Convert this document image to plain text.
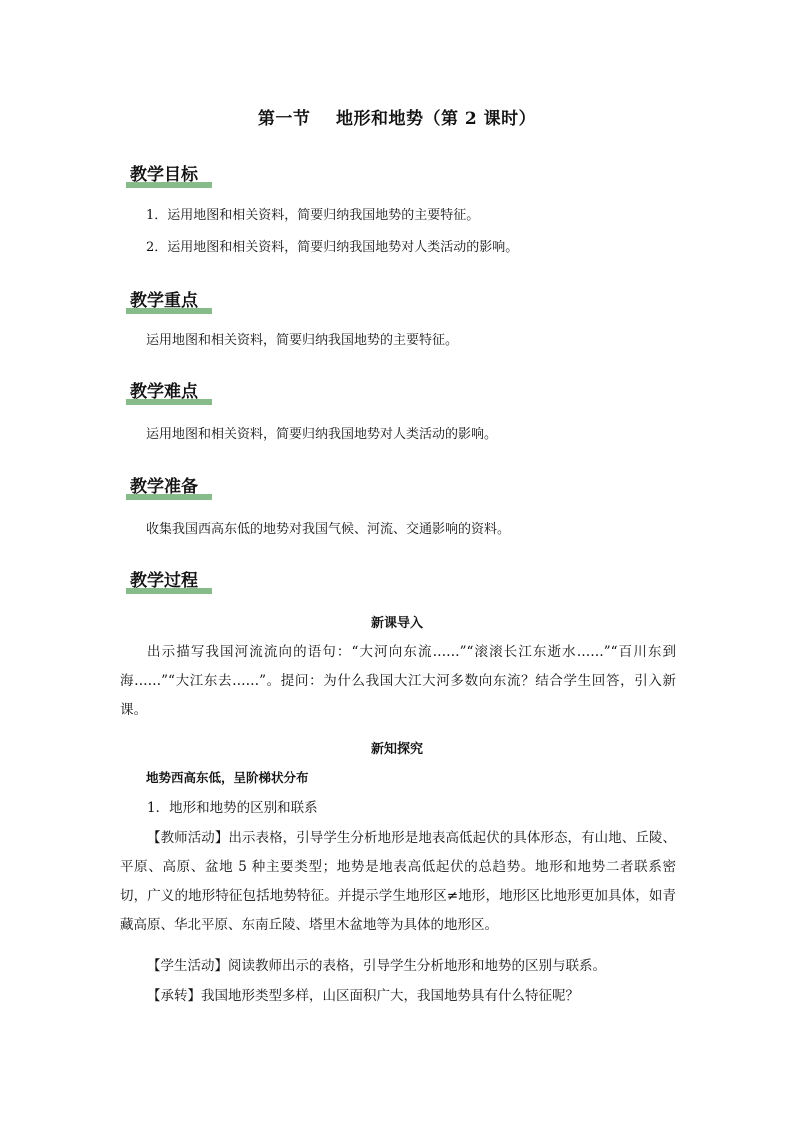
第一节    地形和地势（第 2 课时）
教学目标
1．运用地图和相关资料，简要归纳我国地势的主要特征。
2．运用地图和相关资料，简要归纳我国地势对人类活动的影响。
教学重点
运用地图和相关资料，简要归纳我国地势的主要特征。
教学难点
运用地图和相关资料，简要归纳我国地势对人类活动的影响。
教学准备
收集我国西高东低的地势对我国气候、河流、交通影响的资料。
教学过程
新课导入
出示描写我国河流流向的语句：“大河向东流……”“滚滚长江东逝水……”“百川东到海……”“大江东去……”。提问：为什么我国大江大河多数向东流？结合学生回答，引入新课。
新知探究
地势西高东低，呈阶梯状分布
1．地形和地势的区别和联系
【教师活动】出示表格，引导学生分析地形是地表高低起伏的具体形态，有山地、丘陵、平原、高原、盆地 5 种主要类型；地势是地表高低起伏的总趋势。地形和地势二者联系密切，广义的地形特征包括地势特征。并提示学生地形区≠地形，地形区比地形更加具体，如青藏高原、华北平原、东南丘陵、塔里木盆地等为具体的地形区。
【学生活动】阅读教师出示的表格，引导学生分析地形和地势的区别与联系。
【承转】我国地形类型多样，山区面积广大，我国地势具有什么特征呢？
